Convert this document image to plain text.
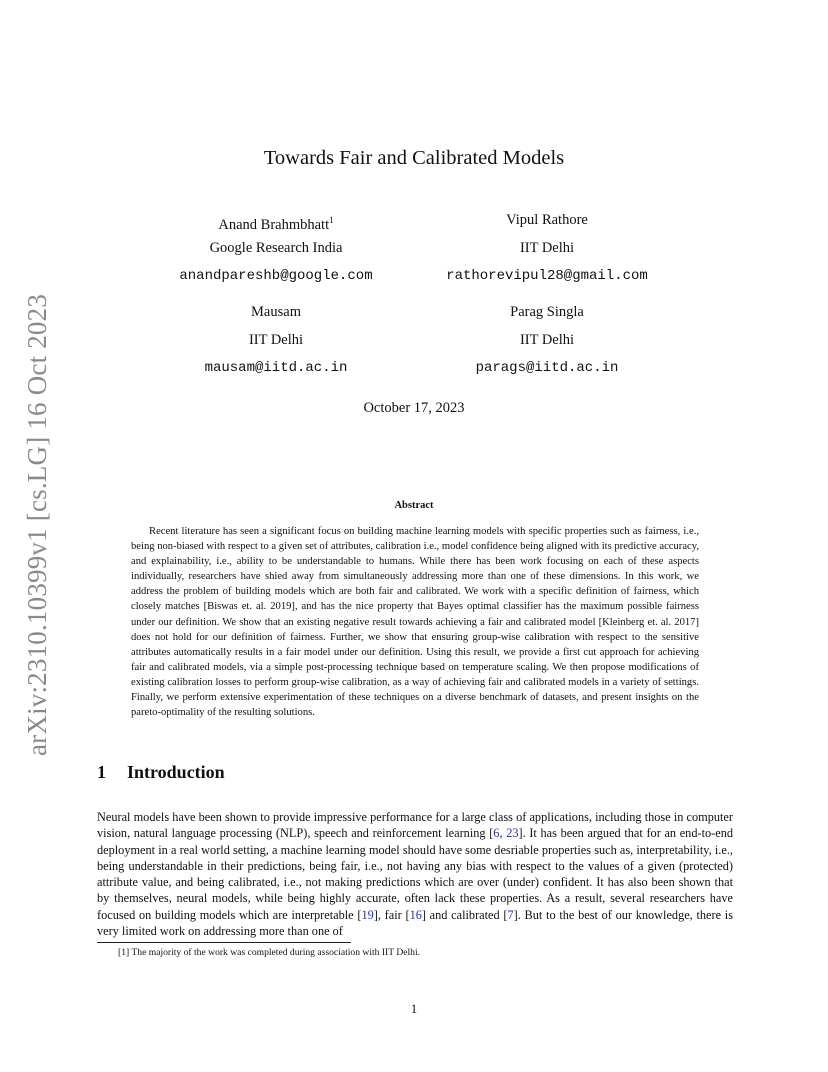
arXiv:2310.10399v1 [cs.LG] 16 Oct 2023
Towards Fair and Calibrated Models
Anand Brahmbhatt$^1$
Google Research India
anandpareshb@google.com
Vipul Rathore
IIT Delhi
rathorevipul28@gmail.com
Mausam
IIT Delhi
mausam@iitd.ac.in
Parag Singla
IIT Delhi
parags@iitd.ac.in
October 17, 2023
Abstract

Recent literature has seen a significant focus on building machine learning models with specific properties such as fairness, i.e., being non-biased with respect to a given set of attributes, calibration i.e., model confidence being aligned with its predictive accuracy, and explainability, i.e., ability to be understandable to humans. While there has been work focusing on each of these aspects individually, researchers have shied away from simultaneously addressing more than one of these dimensions. In this work, we address the problem of building models which are both fair and calibrated. We work with a specific definition of fairness, which closely matches [Biswas et. al. 2019], and has the nice property that Bayes optimal classifier has the maximum possible fairness under our definition. We show that an existing negative result towards achieving a fair and calibrated model [Kleinberg et. al. 2017] does not hold for our definition of fairness. Further, we show that ensuring group-wise calibration with respect to the sensitive attributes automatically results in a fair model under our definition. Using this result, we provide a first cut approach for achieving fair and calibrated models, via a simple post-processing technique based on temperature scaling. We then propose modifications of existing calibration losses to perform group-wise calibration, as a way of achieving fair and calibrated models in a variety of settings. Finally, we perform extensive experimentation of these techniques on a diverse benchmark of datasets, and present insights on the pareto-optimality of the resulting solutions.

1 Introduction

Neural models have been shown to provide impressive performance for a large class of applications, including those in computer vision, natural language processing (NLP), speech and reinforcement learning [6, 23]. It has been argued that for an end-to-end deployment in a real world setting, a machine learning model should have some desriable properties such as, interpretability, i.e., being understandable in their predictions, being fair, i.e., not having any bias with respect to the values of a given (protected) attribute value, and being calibrated, i.e., not making predictions which are over (under) confident. It has also been shown that by themselves, neural models, while being highly accurate, often lack these properties. As a result, several researchers have focused on building models which are interpretable [19], fair [16] and calibrated [7]. But to the best of our knowledge, there is very limited work on addressing more than one of

[1] The majority of the work was completed during association with IIT Delhi.
1
